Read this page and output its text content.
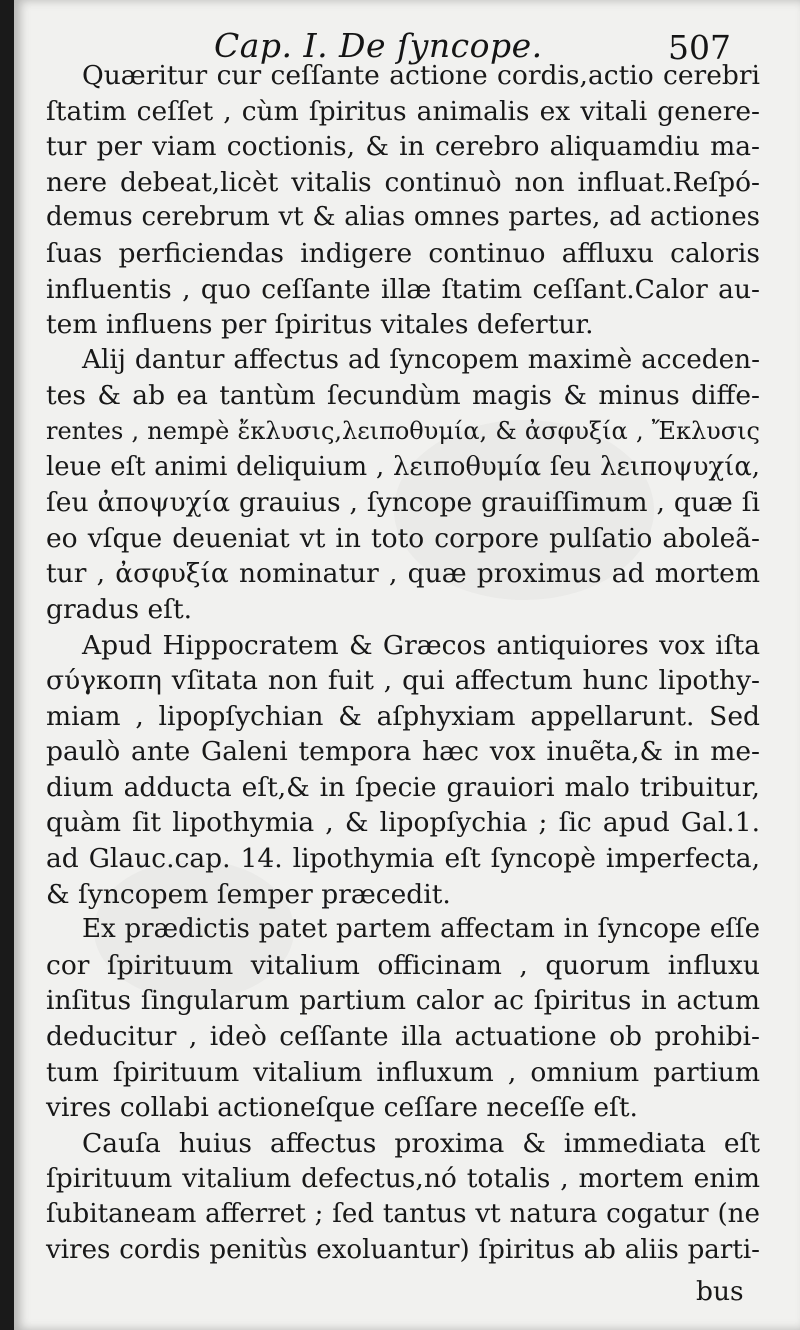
Cap. I. De ſyncope.	507
Quæritur cur ceſſante actione cordis,actio cerebri
ſtatim ceſſet , cùm ſpiritus animalis ex vitali genere-
tur per viam coctionis, & in cerebro aliquamdiu ma-
nere debeat,licèt vitalis continuò non influat.Reſpó-
demus cerebrum vt & alias omnes partes, ad actiones
ſuas perficiendas indigere continuo affluxu caloris
influentis , quo ceſſante illæ ſtatim ceſſant.Calor au-
tem influens per ſpiritus vitales defertur.
Alij dantur affectus ad ſyncopem maximè acceden-
tes & ab ea tantùm ſecundùm magis & minus diffe-
rentes , nempè ἔκλυσις,λειποθυμία, & ἀσφυξία , Ἔκλυσις
leue eſt animi deliquium , λειποθυμία ſeu λειποψυχία,
ſeu ἀποψυχία grauius , ſyncope grauiſſimum , quæ ſi
eo vſque deueniat vt in toto corpore pulſatio aboleã-
tur , ἀσφυξία nominatur , quæ proximus ad mortem
gradus eſt.
Apud Hippocratem & Græcos antiquiores vox iſta
σύγκοπη vſitata non fuit , qui affectum hunc lipothy-
miam , lipopſychian & aſphyxiam appellarunt. Sed
paulò ante Galeni tempora hæc vox inuẽta,& in me-
dium adducta eſt,& in ſpecie grauiori malo tribuitur,
quàm ſit lipothymia , & lipopſychia ; ſic apud Gal.1.
ad Glauc.cap. 14. lipothymia eſt ſyncopè imperfecta,
& ſyncopem ſemper præcedit.
Ex prædictis patet partem affectam in ſyncope eſſe
cor ſpirituum vitalium officinam , quorum influxu
inſitus ſingularum partium calor ac ſpiritus in actum
deducitur , ideò ceſſante illa actuatione ob prohibi-
tum ſpirituum vitalium influxum , omnium partium
vires collabi actioneſque ceſſare neceſſe eſt.
Cauſa huius affectus proxima & immediata eſt
ſpirituum vitalium defectus,nó totalis , mortem enim
ſubitaneam afferret ; ſed tantus vt natura cogatur (ne
vires cordis penitùs exoluantur) ſpiritus ab aliis parti-
bus
